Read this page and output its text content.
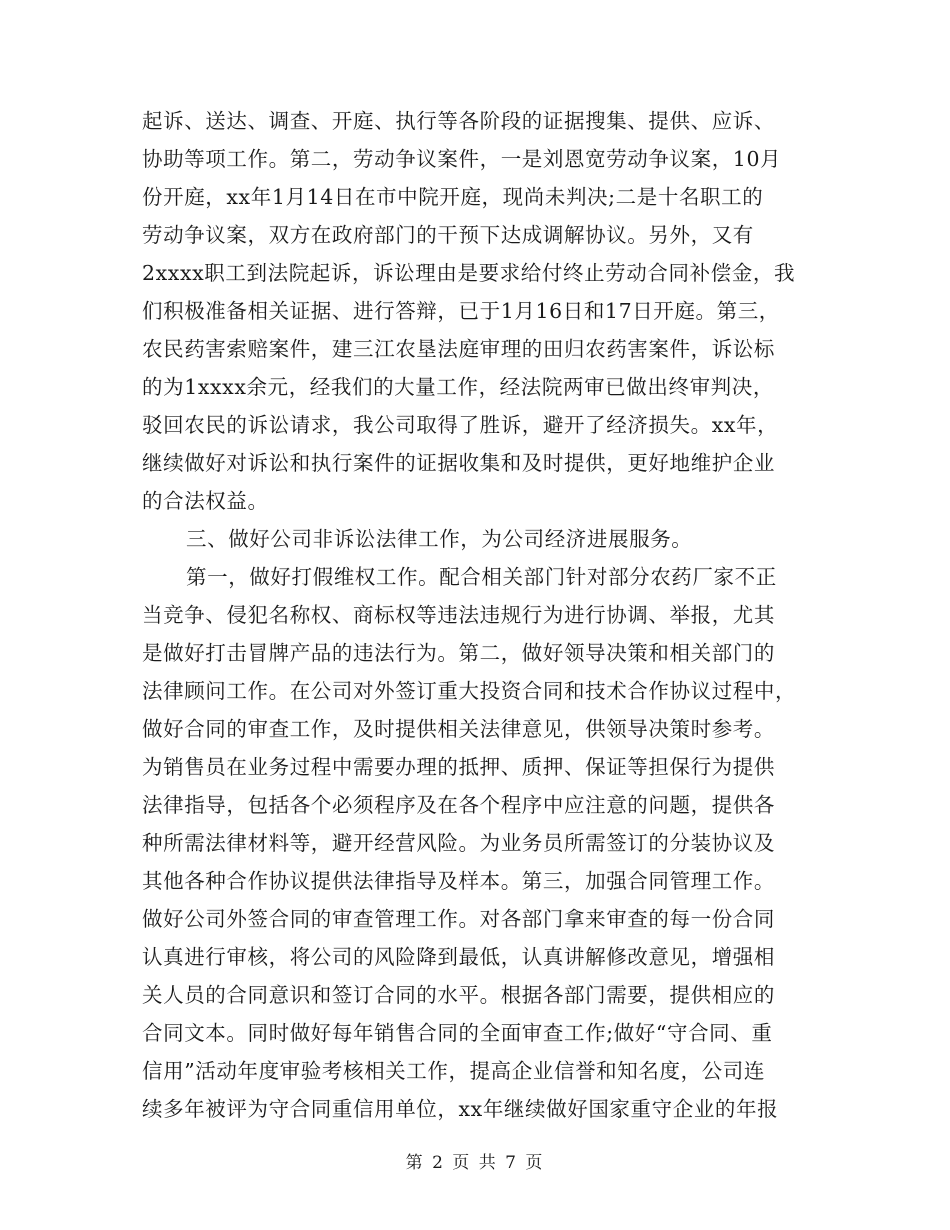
起诉、送达、调查、开庭、执行等各阶段的证据搜集、提供、应诉、
协助等项工作。第二，劳动争议案件，一是刘恩宽劳动争议案，10月
份开庭，xx年1月14日在市中院开庭，现尚未判决;二是十名职工的
劳动争议案，双方在政府部门的干预下达成调解协议。另外，又有
2xxxx职工到法院起诉，诉讼理由是要求给付终止劳动合同补偿金，我
们积极准备相关证据、进行答辩，已于1月16日和17日开庭。第三，
农民药害索赔案件，建三江农垦法庭审理的田归农药害案件，诉讼标
的为1xxxx余元，经我们的大量工作，经法院两审已做出终审判决，
驳回农民的诉讼请求，我公司取得了胜诉，避开了经济损失。xx年，
继续做好对诉讼和执行案件的证据收集和及时提供，更好地维护企业
的合法权益。
三、做好公司非诉讼法律工作，为公司经济进展服务。
第一，做好打假维权工作。配合相关部门针对部分农药厂家不正
当竞争、侵犯名称权、商标权等违法违规行为进行协调、举报，尤其
是做好打击冒牌产品的违法行为。第二，做好领导决策和相关部门的
法律顾问工作。在公司对外签订重大投资合同和技术合作协议过程中，
做好合同的审查工作，及时提供相关法律意见，供领导决策时参考。
为销售员在业务过程中需要办理的抵押、质押、保证等担保行为提供
法律指导，包括各个必须程序及在各个程序中应注意的问题，提供各
种所需法律材料等，避开经营风险。为业务员所需签订的分装协议及
其他各种合作协议提供法律指导及样本。第三，加强合同管理工作。
做好公司外签合同的审查管理工作。对各部门拿来审查的每一份合同
认真进行审核，将公司的风险降到最低，认真讲解修改意见，增强相
关人员的合同意识和签订合同的水平。根据各部门需要，提供相应的
合同文本。同时做好每年销售合同的全面审查工作;做好“守合同、重
信用”活动年度审验考核相关工作，提高企业信誉和知名度，公司连
续多年被评为守合同重信用单位，xx年继续做好国家重守企业的年报
第 2 页 共 7 页
